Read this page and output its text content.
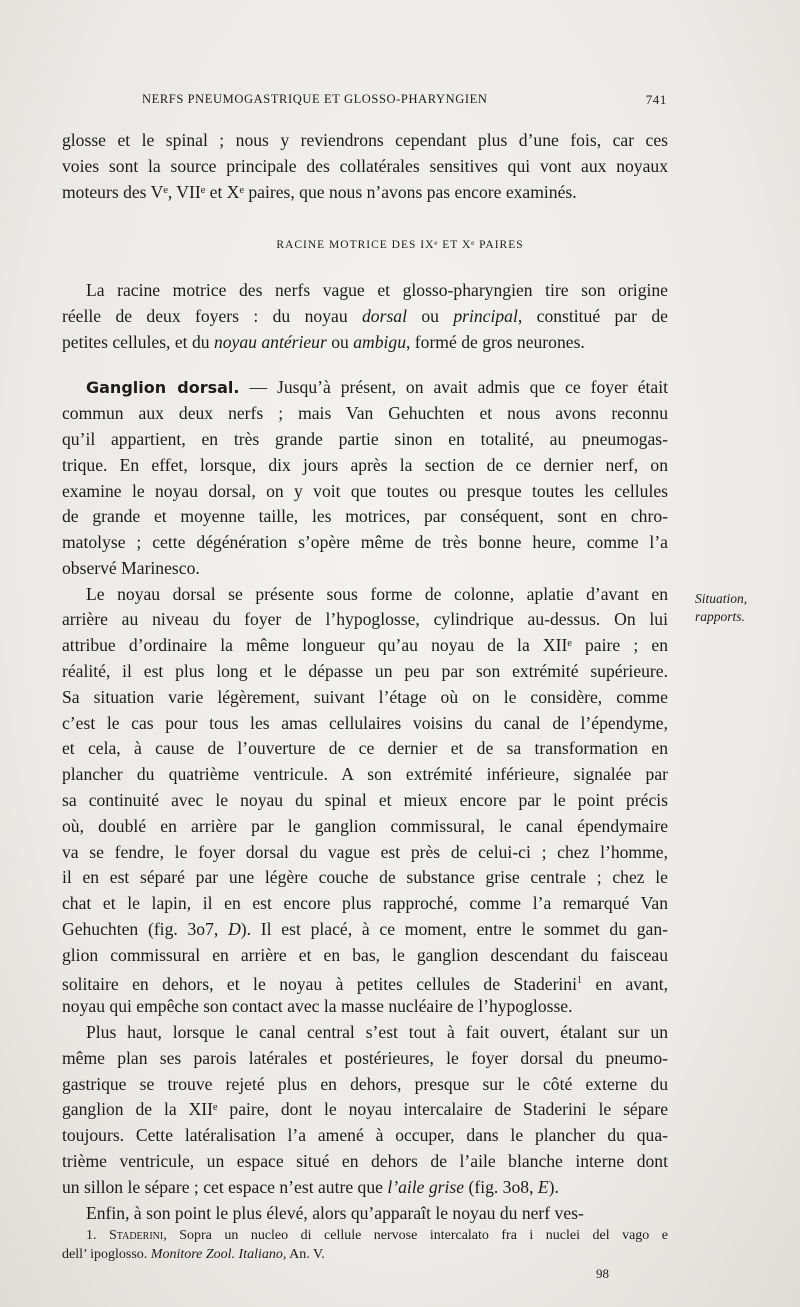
NERFS PNEUMOGASTRIQUE ET GLOSSO-PHARYNGIEN	741
glosse et le spinal ; nous y reviendrons cependant plus d’une fois, car ces
voies sont la source principale des collatérales sensitives qui vont aux noyaux
moteurs des Vᵉ, VIIᵉ et Xᵉ paires, que nous n’avons pas encore examinés.
RACINE MOTRICE DES IXᵉ ET Xᵉ PAIRES
La racine motrice des nerfs vague et glosso-pharyngien tire son origine
réelle de deux foyers : du noyau dorsal ou principal, constitué par de
petites cellules, et du noyau antérieur ou ambigu, formé de gros neurones.
Ganglion dorsal. — Jusqu’à présent, on avait admis que ce foyer était
commun aux deux nerfs ; mais Van Gehuchten et nous avons reconnu
qu’il appartient, en très grande partie sinon en totalité, au pneumogas-
trique. En effet, lorsque, dix jours après la section de ce dernier nerf, on
examine le noyau dorsal, on y voit que toutes ou presque toutes les cellules
de grande et moyenne taille, les motrices, par conséquent, sont en chro-
matolyse ; cette dégénération s’opère même de très bonne heure, comme l’a
observé Marinesco.
Le noyau dorsal se présente sous forme de colonne, aplatie d’avant en
arrière au niveau du foyer de l’hypoglosse, cylindrique au-dessus. On lui
attribue d’ordinaire la même longueur qu’au noyau de la XIIᵉ paire ; en
réalité, il est plus long et le dépasse un peu par son extrémité supérieure.
Sa situation varie légèrement, suivant l’étage où on le considère, comme
c’est le cas pour tous les amas cellulaires voisins du canal de l’épendyme,
et cela, à cause de l’ouverture de ce dernier et de sa transformation en
plancher du quatrième ventricule. A son extrémité inférieure, signalée par
sa continuité avec le noyau du spinal et mieux encore par le point précis
où, doublé en arrière par le ganglion commissural, le canal épendymaire
va se fendre, le foyer dorsal du vague est près de celui-ci ; chez l’homme,
il en est séparé par une légère couche de substance grise centrale ; chez le
chat et le lapin, il en est encore plus rapproché, comme l’a remarqué Van
Gehuchten (fig. 3o7, D). Il est placé, à ce moment, entre le sommet du gan-
glion commissural en arrière et en bas, le ganglion descendant du faisceau
solitaire en dehors, et le noyau à petites cellules de Staderini$^1$ en avant,
noyau qui empêche son contact avec la masse nucléaire de l’hypoglosse.
Plus haut, lorsque le canal central s’est tout à fait ouvert, étalant sur un
même plan ses parois latérales et postérieures, le foyer dorsal du pneumo-
gastrique se trouve rejeté plus en dehors, presque sur le côté externe du
ganglion de la XIIᵉ paire, dont le noyau intercalaire de Staderini le sépare
toujours. Cette latéralisation l’a amené à occuper, dans le plancher du qua-
trième ventricule, un espace situé en dehors de l’aile blanche interne dont
un sillon le sépare ; cet espace n’est autre que l’aile grise (fig. 3o8, E).
Enfin, à son point le plus élevé, alors qu’apparaît le noyau du nerf ves-
Situation,
rapports.
98
1. Staderini, Sopra un nucleo di cellule nervose intercalato fra i nuclei del vago e
dell’ ipoglosso. Monitore Zool. Italiano, An. V.
